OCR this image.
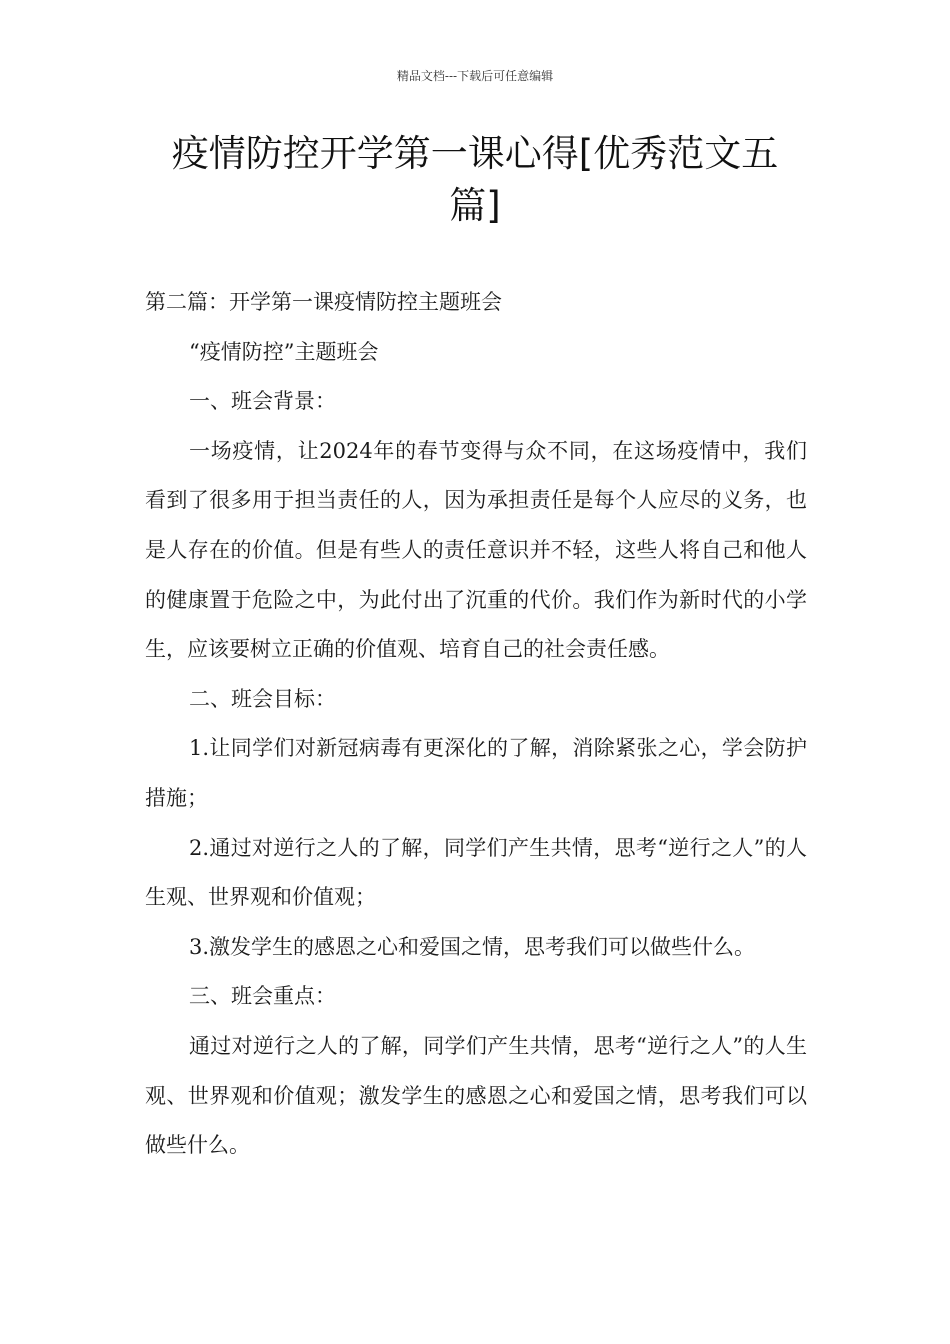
精品文档---下载后可任意编辑
疫情防控开学第一课心得[优秀范文五篇]

第二篇：开学第一课疫情防控主题班会

“疫情防控”主题班会

一、班会背景：

一场疫情，让2024年的春节变得与众不同，在这场疫情中，我们看到了很多用于担当责任的人，因为承担责任是每个人应尽的义务，也是人存在的价值。但是有些人的责任意识并不轻，这些人将自己和他人的健康置于危险之中，为此付出了沉重的代价。我们作为新时代的小学生，应该要树立正确的价值观、培育自己的社会责任感。

二、班会目标：

1.让同学们对新冠病毒有更深化的了解，消除紧张之心，学会防护措施；

2.通过对逆行之人的了解，同学们产生共情，思考“逆行之人”的人生观、世界观和价值观；

3.激发学生的感恩之心和爱国之情，思考我们可以做些什么。

三、班会重点：

通过对逆行之人的了解，同学们产生共情，思考“逆行之人”的人生观、世界观和价值观；激发学生的感恩之心和爱国之情，思考我们可以做些什么。
